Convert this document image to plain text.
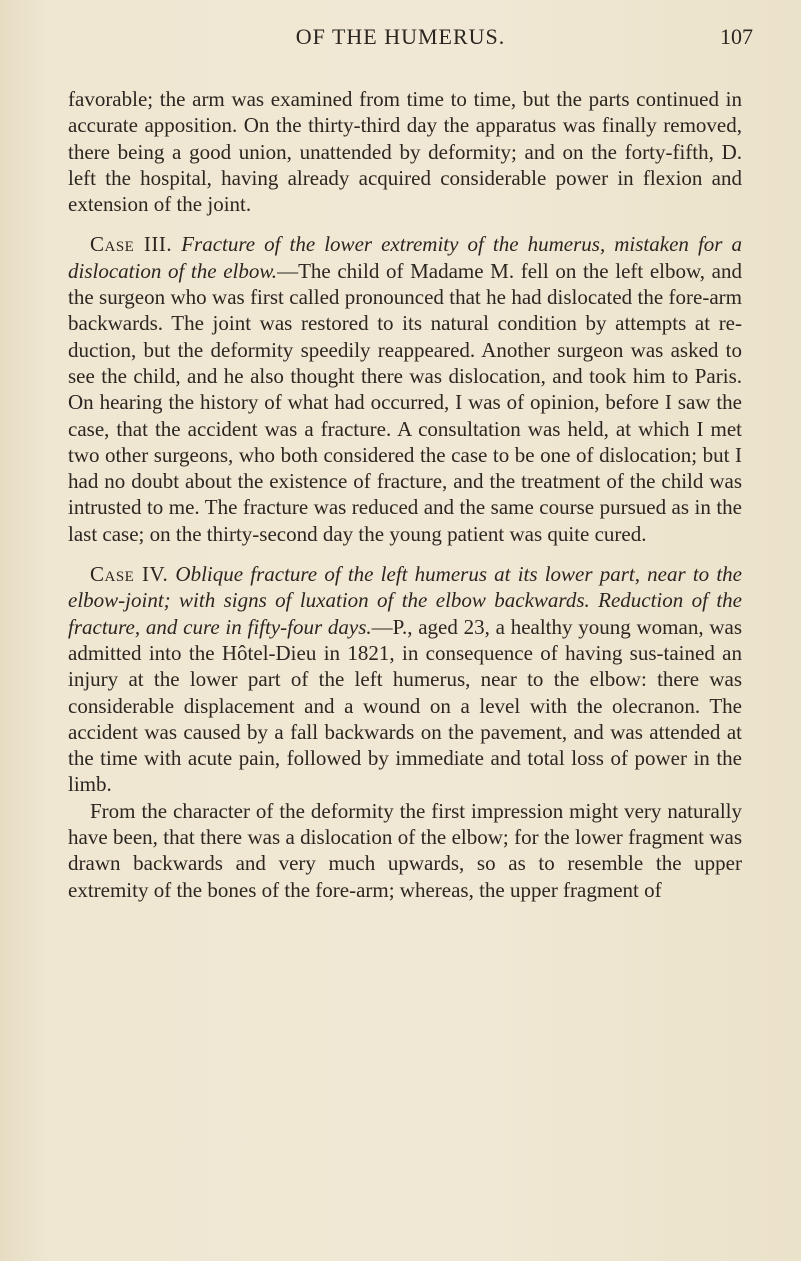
OF THE HUMERUS.	107

favorable; the arm was examined from time to time, but the parts continued in accurate apposition. On the thirty-third day the apparatus was finally removed, there being a good union, unattended by deformity; and on the forty-fifth, D. left the hospital, having already acquired considerable power in flexion and extension of the joint.

Case III. Fracture of the lower extremity of the humerus, mistaken for a dislocation of the elbow.—The child of Madame M. fell on the left elbow, and the surgeon who was first called pronounced that he had dislocated the fore-arm backwards. The joint was restored to its natural condition by attempts at re-duction, but the deformity speedily reappeared. Another surgeon was asked to see the child, and he also thought there was dislocation, and took him to Paris. On hearing the history of what had occurred, I was of opinion, before I saw the case, that the accident was a fracture. A consultation was held, at which I met two other surgeons, who both considered the case to be one of dislocation; but I had no doubt about the existence of fracture, and the treatment of the child was intrusted to me. The fracture was reduced and the same course pursued as in the last case; on the thirty-second day the young patient was quite cured.

Case IV. Oblique fracture of the left humerus at its lower part, near to the elbow-joint; with signs of luxation of the elbow backwards. Reduction of the fracture, and cure in fifty-four days.—P., aged 23, a healthy young woman, was admitted into the Hôtel-Dieu in 1821, in consequence of having sus-tained an injury at the lower part of the left humerus, near to the elbow: there was considerable displacement and a wound on a level with the olecranon. The accident was caused by a fall backwards on the pavement, and was attended at the time with acute pain, followed by immediate and total loss of power in the limb.

From the character of the deformity the first impression might very naturally have been, that there was a dislocation of the elbow; for the lower fragment was drawn backwards and very much upwards, so as to resemble the upper extremity of the bones of the fore-arm; whereas, the upper fragment of
